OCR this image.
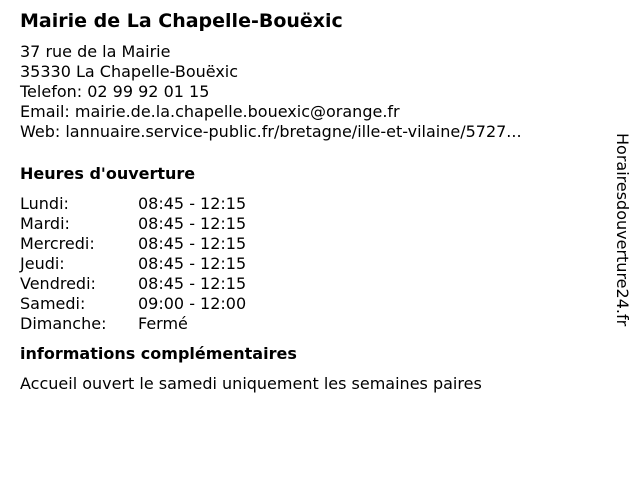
Mairie de La Chapelle-Bouëxic
37 rue de la Mairie
35330 La Chapelle-Bouëxic
Telefon: 02 99 92 01 15
Email: mairie.de.la.chapelle.bouexic@orange.fr
Web: lannuaire.service-public.fr/bretagne/ille-et-vilaine/5727...
Heures d'ouverture
Lundi:	08:45 - 12:15
Mardi:	08:45 - 12:15
Mercredi:	08:45 - 12:15
Jeudi:	08:45 - 12:15
Vendredi:	08:45 - 12:15
Samedi:	09:00 - 12:00
Dimanche:	Fermé
informations complémentaires
Accueil ouvert le samedi uniquement les semaines paires
Horairesdouverture24.fr
